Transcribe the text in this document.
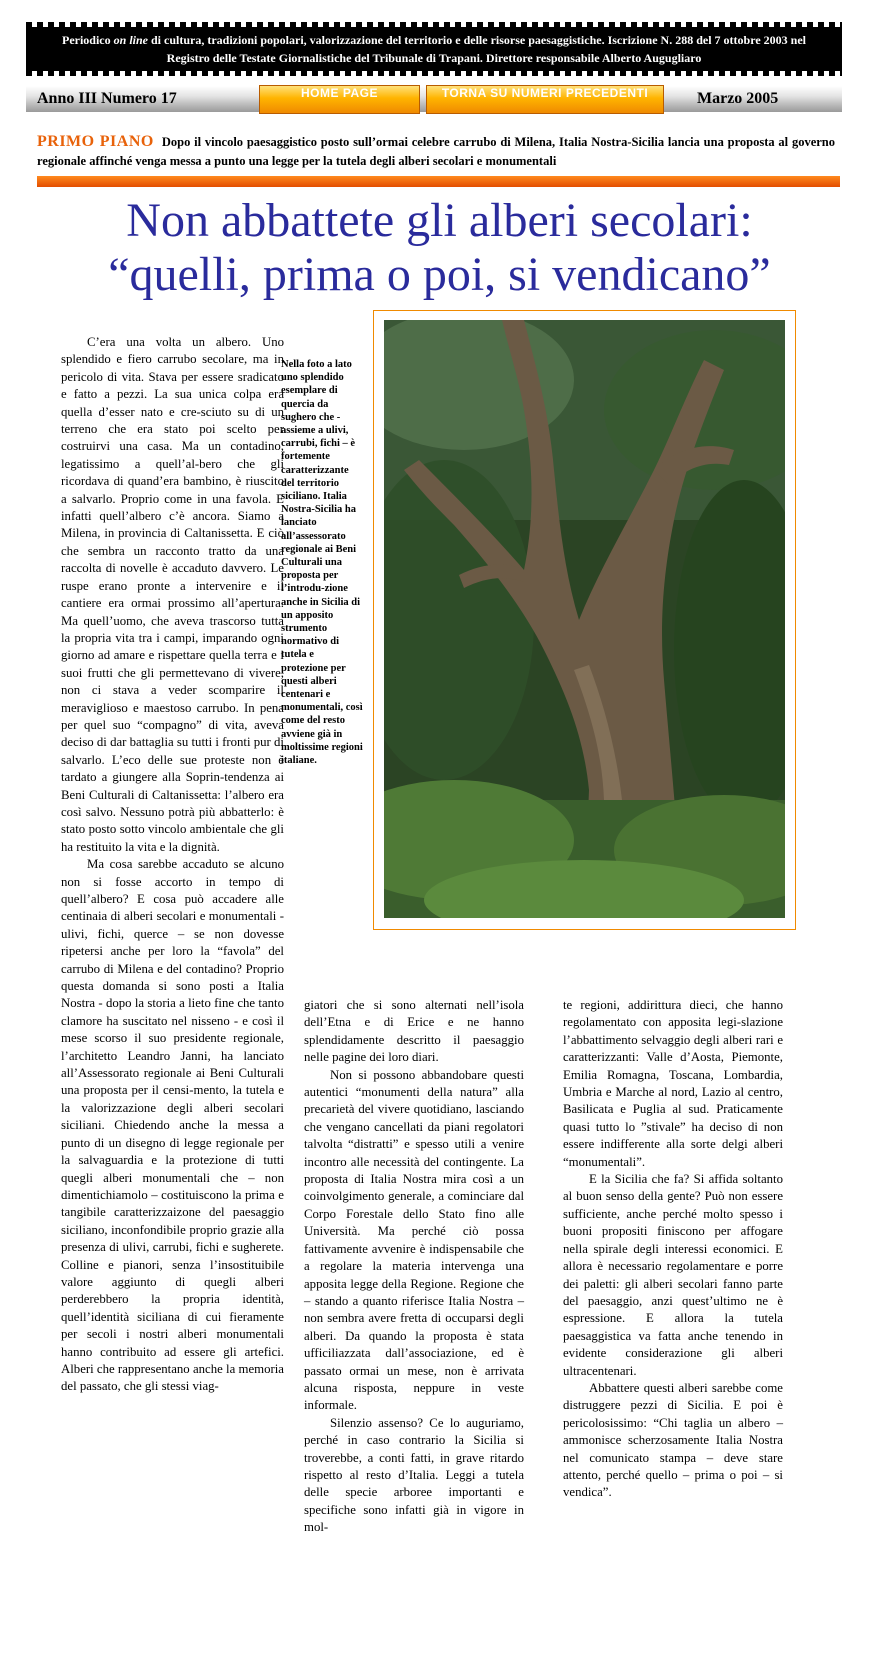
Periodico on line di cultura, tradizioni popolari, valorizzazione del territorio e delle risorse paesaggistiche. Iscrizione N. 288 del 7 ottobre 2003 nel Registro delle Testate Giornalistiche del Tribunale di Trapani. Direttore responsabile Alberto Augugliaro
Anno III Numero 17	HOME PAGE	TORNA SU NUMERI PRECEDENTI	Marzo 2005
PRIMO PIANO Dopo il vincolo paesaggistico posto sull’ormai celebre carrubo di Milena, Italia Nostra-Sicilia lancia una proposta al governo regionale affinché venga messa a punto una legge per la tutela degli alberi secolari e monumentali
Non abbattete gli alberi secolari:
“quelli, prima o poi, si vendicano”

C’era una volta un albero. Uno splendido e fiero carrubo secolare, ma in pericolo di vita. Stava per essere sradicato e fatto a pezzi. La sua unica colpa era quella d’esser nato e cre-sciuto su di un terreno che era stato poi scelto per costruirvi una casa. Ma un contadino, legatissimo a quell’al-bero che gli ricordava di quand’era bambino, è riuscito a salvarlo. Proprio come in una favola. E infatti quell’albero c’è ancora. Siamo a Milena, in provincia di Caltanissetta. E ciò che sembra un racconto tratto da una raccolta di novelle è accaduto davvero. Le ruspe erano pronte a intervenire e il cantiere era ormai prossimo all’apertura. Ma quell’uomo, che aveva trascorso tutta la propria vita tra i campi, imparando ogni giorno ad amare e rispettare quella terra e i suoi frutti che gli permettevano di vivere, non ci stava a veder scomparire il meraviglioso e maestoso carrubo. In pena per quel suo “compagno” di vita, aveva deciso di dar battaglia su tutti i fronti pur di salvarlo. L’eco delle sue proteste non è tardato a giungere alla Soprin-tendenza ai Beni Culturali di Caltanissetta: l’albero era così salvo. Nessuno potrà più abbatterlo: è stato posto sotto vincolo ambientale che gli ha restituito la vita e la dignità.

Ma cosa sarebbe accaduto se alcuno non si fosse accorto in tempo di quell’albero? E cosa può accadere alle centinaia di alberi secolari e monumentali - ulivi, fichi, querce – se non dovesse ripetersi anche per loro la “favola” del carrubo di Milena e del contadino? Proprio questa domanda si sono posti a Italia Nostra - dopo la storia a lieto fine che tanto clamore ha suscitato nel nisseno - e così il mese scorso il suo presidente regionale, l’architetto Leandro Janni, ha lanciato all’Assessorato regionale ai Beni Culturali una proposta per il censi-mento, la tutela e la valorizzazione degli alberi secolari siciliani. Chiedendo anche la messa a punto di un disegno di legge regionale per la salvaguardia e la protezione di tutti quegli alberi monumentali che – non dimentichiamolo – costituiscono la prima e tangibile caratterizzaizone del paesaggio siciliano, inconfondibile proprio grazie alla presenza di ulivi, carrubi, fichi e sugherete. Colline e pianori, senza l’insostituibile valore aggiunto di quegli alberi perderebbero la propria identità, quell’identità siciliana di cui fieramente per secoli i nostri alberi monumentali hanno contribuito ad essere gli artefici. Alberi che rappresentano anche la memoria del passato, che gli stessi viag-

Nella foto a lato uno splendido esemplare di quercia da sughero che - assieme a ulivi, carrubi, fichi – è fortemente caratterizzante del territorio siciliano. Italia Nostra-Sicilia ha lanciato all’assessorato regionale ai Beni Culturali una proposta per l’introdu-zione anche in Sicilia di un apposito strumento normativo di tutela e protezione per questi alberi centenari e monumentali, così come del resto avviene già in moltissime regioni italiane.

giatori che si sono alternati nell’isola dell’Etna e di Erice e ne hanno splendidamente descritto il paesaggio nelle pagine dei loro diari.

Non si possono abbandobare questi autentici “monumenti della natura” alla precarietà del vivere quotidiano, lasciando che vengano cancellati da piani regolatori talvolta “distratti” e spesso utili a venire incontro alle necessità del contingente. La proposta di Italia Nostra mira così a un coinvolgimento generale, a cominciare dal Corpo Forestale dello Stato fino alle Università. Ma perché ciò possa fattivamente avvenire è indispensabile che a regolare la materia intervenga una apposita legge della Regione. Regione che – stando a quanto riferisce Italia Nostra – non sembra avere fretta di occuparsi degli alberi. Da quando la proposta è stata ufficiliazzata dall’associazione, ed è passato ormai un mese, non è arrivata alcuna risposta, neppure in veste informale.

Silenzio assenso? Ce lo auguriamo, perché in caso contrario la Sicilia si troverebbe, a conti fatti, in grave ritardo rispetto al resto d’Italia. Leggi a tutela delle specie arboree importanti e specifiche sono infatti già in vigore in mol-

te regioni, addirittura dieci, che hanno regolamentato con apposita legi-slazione l’abbattimento selvaggio degli alberi rari e caratterizzanti: Valle d’Aosta, Piemonte, Emilia Romagna, Toscana, Lombardia, Umbria e Marche al nord, Lazio al centro, Basilicata e Puglia al sud. Praticamente quasi tutto lo ”stivale” ha deciso di non essere indifferente alla sorte delgi alberi “monumentali”.

E la Sicilia che fa? Si affida soltanto al buon senso della gente? Può non essere sufficiente, anche perché molto spesso i buoni propositi finiscono per affogare nella spirale degli interessi economici. E allora è necessario regolamentare e porre dei paletti: gli alberi secolari fanno parte del paesaggio, anzi quest’ultimo ne è espressione. E allora la tutela paesaggistica va fatta anche tenendo in evidente considerazione gli alberi ultracentenari.

Abbattere questi alberi sarebbe come distruggere pezzi di Sicilia. E poi è pericolosissimo: “Chi taglia un albero – ammonisce scherzosamente Italia Nostra nel comunicato stampa – deve stare attento, perché quello – prima o poi – si vendica”.
